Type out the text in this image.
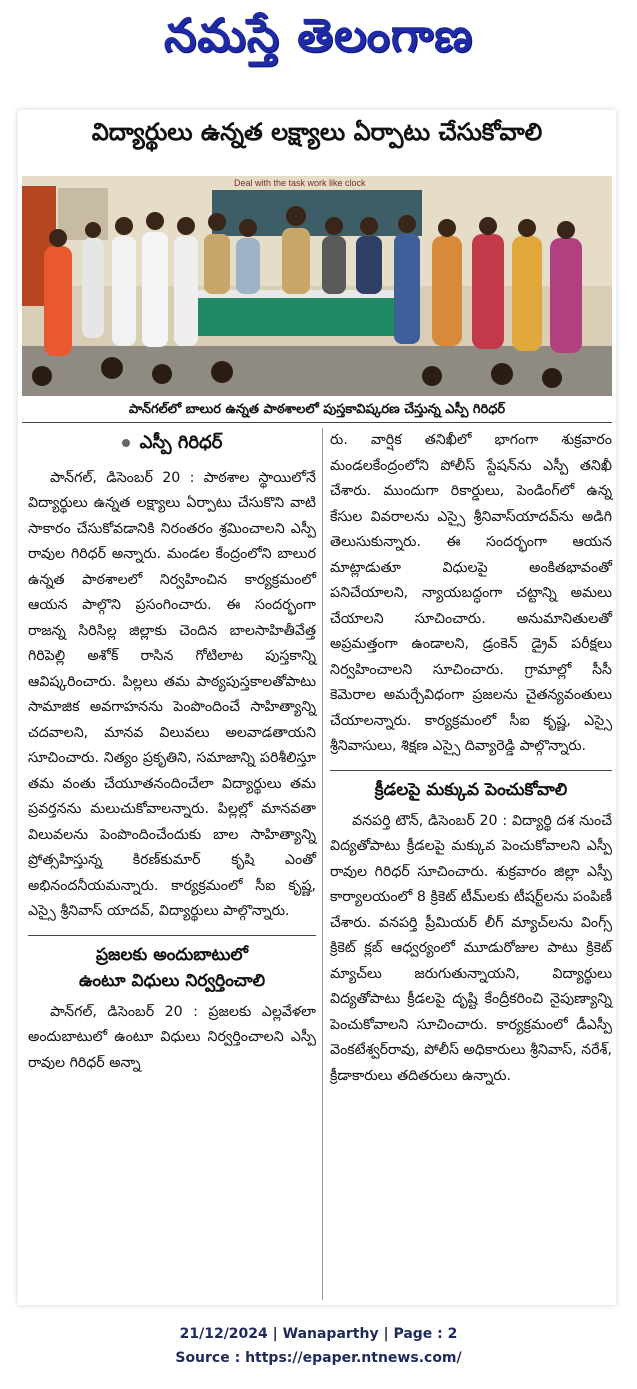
నమస్తే తెలంగాణ
విద్యార్థులు ఉన్నత లక్ష్యాలు ఏర్పాటు చేసుకోవాలి
Deal with the task work like clock
పాన్‌గల్‌లో బాలుర ఉన్నత పాఠశాలలో పుస్తకావిష్కరణ చేస్తున్న ఎస్పీ గిరిధర్
ఎస్పీ గిరిధర్

పాన్‌గల్, డిసెంబర్ 20 : పాఠశాల స్థాయిలోనే విద్యార్థులు ఉన్నత లక్ష్యాలు ఏర్పాటు చేసుకొని వాటి సాకారం చేసుకోవడానికి నిరంతరం శ్రమించాలని ఎస్పీ రావుల గిరిధర్ అన్నారు. మండల కేంద్రంలోని బాలుర ఉన్నత పాఠశాలలో నిర్వహించిన కార్యక్రమంలో ఆయన పాల్గొని ప్రసంగించారు. ఈ సందర్భంగా రాజన్న సిరిసిల్ల జిల్లాకు చెందిన బాలసాహితీవేత్త గిరిపెల్లి అశోక్ రాసిన గోటిలాట పుస్తకాన్ని ఆవిష్కరించారు. పిల్లలు తమ పాఠ్యపుస్తకాలతోపాటు సామాజిక అవగాహనను పెంపొందించే సాహిత్యాన్ని చదవాలని, మానవ విలువలు అలవాడతాయని సూచించారు. నిత్యం ప్రకృతిని, సమాజాన్ని పరిశీలిస్తూ తమ వంతు చేయూతనందించేలా విద్యార్థులు తమ ప్రవర్తనను మలుచుకోవాలన్నారు. పిల్లల్లో మానవతా విలువలను పెంపొందించేందుకు బాల సాహిత్యాన్ని ప్రోత్సహిస్తున్న కిరణ్‌కుమార్ కృషి ఎంతో అభినందనీయమన్నారు. కార్యక్రమంలో సీఐ కృష్ణ, ఎస్సై శ్రీనివాస్ యాదవ్, విద్యార్థులు పాల్గొన్నారు.

ప్రజలకు అందుబాటులో
ఉంటూ విధులు నిర్వర్తించాలి

పాన్‌గల్, డిసెంబర్ 20 : ప్రజలకు ఎల్లవేళలా అందుబాటులో ఉంటూ విధులు నిర్వర్తించాలని ఎస్పీ రావుల గిరిధర్ అన్నా

రు. వార్షిక తనిఖీలో భాగంగా శుక్రవారం మండలకేంద్రంలోని పోలీస్ స్టేషన్‌ను ఎస్పీ తనిఖీ చేశారు. ముందుగా రికార్డులు, పెండింగ్‌లో ఉన్న కేసుల వివరాలను ఎస్సై శ్రీనివాస్‌యాదవ్‌ను అడిగి తెలుసుకున్నారు. ఈ సందర్భంగా ఆయన మాట్లాడుతూ విధులపై అంకితభావంతో పనిచేయాలని, న్యాయబద్ధంగా చట్టాన్ని అమలు చేయాలని సూచించారు. అనుమానితులతో అప్రమత్తంగా ఉండాలని, డ్రంకెన్ డ్రైవ్ పరీక్షలు నిర్వహించాలని సూచించారు. గ్రామాల్లో సీసీ కెమెరాల అమర్చేవిధంగా ప్రజలను చైతన్యవంతులు చేయాలన్నారు. కార్యక్రమంలో సీఐ కృష్ణ, ఎస్సై శ్రీనివాసులు, శిక్షణ ఎస్సై దివ్యారెడ్డి పాల్గొన్నారు.

క్రీడలపై మక్కువ పెంచుకోవాలి

వనపర్తి టౌన్, డిసెంబర్ 20 : విద్యార్థి దశ నుంచే విద్యతోపాటు క్రీడలపై మక్కువ పెంచుకోవాలని ఎస్పీ రావుల గిరిధర్ సూచించారు. శుక్రవారం జిల్లా ఎస్పీ కార్యాలయంలో 8 క్రికెట్ టీమ్‌లకు టీషర్ట్‌లను పంపిణీ చేశారు. వనపర్తి ప్రీమియర్ లీగ్ మ్యాచ్‌లను వింగ్స్ క్రికెట్ క్లబ్ ఆధ్వర్యంలో మూడురోజుల పాటు క్రికెట్ మ్యాచ్‌లు జరుగుతున్నాయని, విద్యార్థులు విద్యతోపాటు క్రీడలపై దృష్టి కేంద్రీకరించి నైపుణ్యాన్ని పెంచుకోవాలని సూచించారు. కార్యక్రమంలో డీఎస్పీ వెంకటేశ్వర్‌రావు, పోలీస్ అధికారులు శ్రీనివాస్, నరేశ్, క్రీడాకారులు తదితరులు ఉన్నారు.

21/12/2024 | Wanaparthy | Page : 2
Source : https://epaper.ntnews.com/
